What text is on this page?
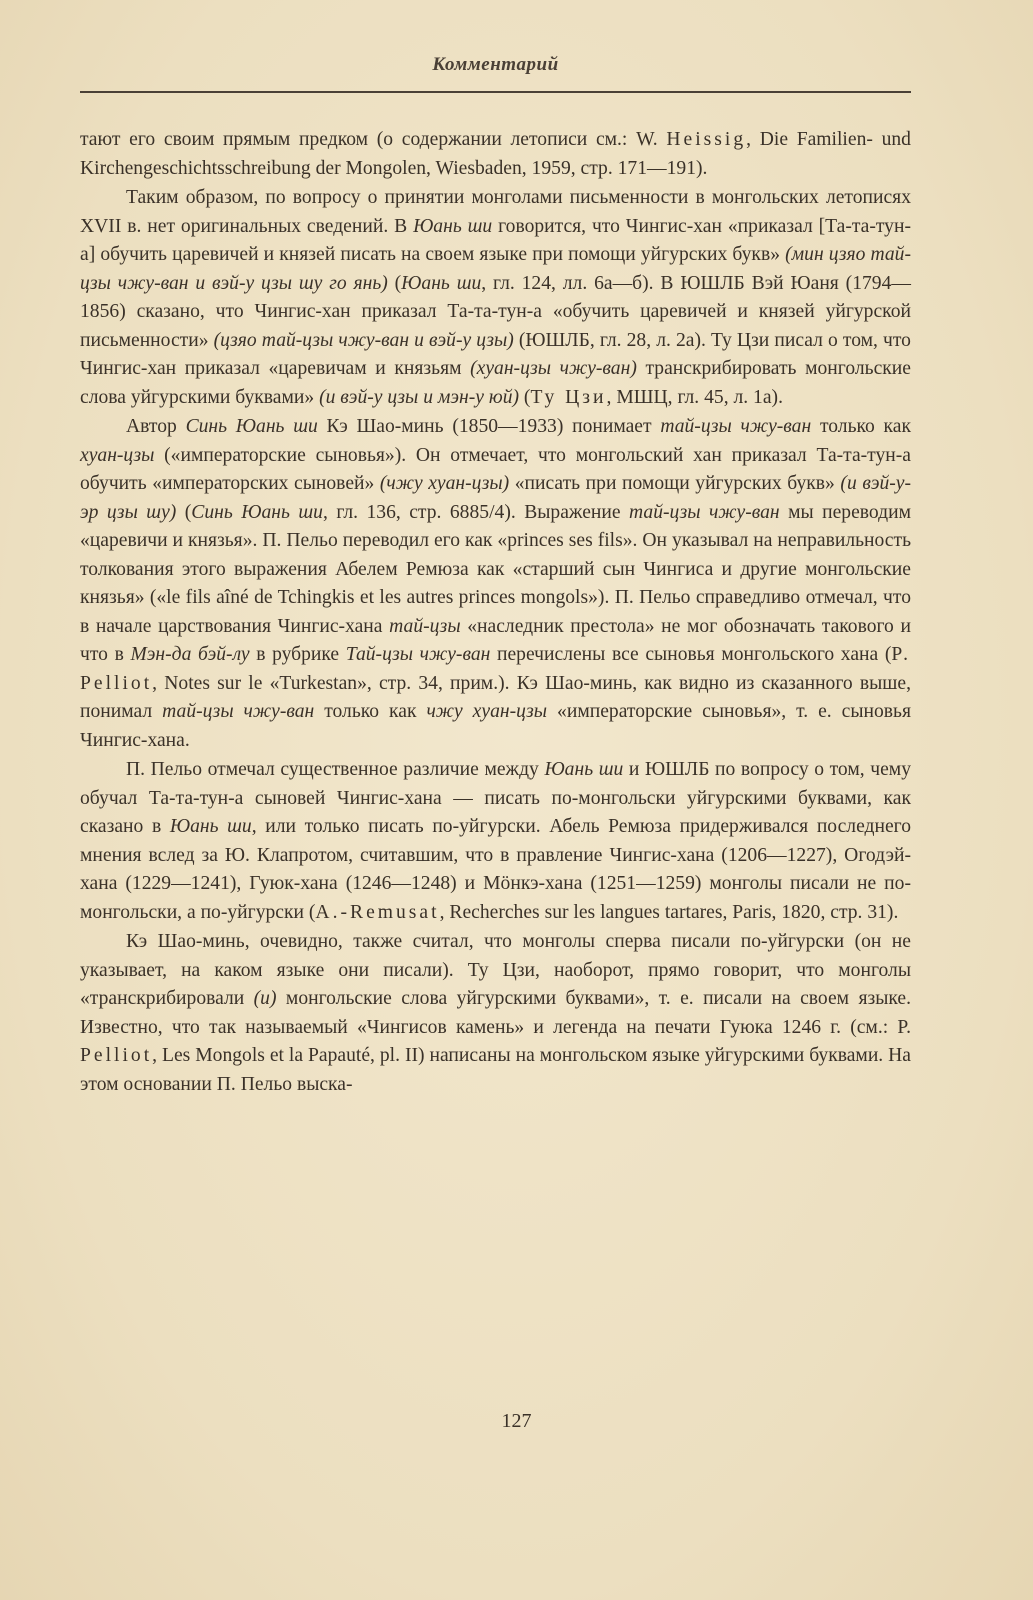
Комментарий

тают его своим прямым предком (о содержании летописи см.: W. Heissig, Die Familien- und Kirchengeschichtsschreibung der Mongolen, Wiesbaden, 1959, стр. 171—191).

Таким образом, по вопросу о принятии монголами письменности в монгольских летописях XVII в. нет оригинальных сведений. В Юань ши говорится, что Чингис-хан «приказал [Та-та-тун-а] обучить царевичей и князей писать на своем языке при помощи уйгурских букв» (мин цзяо тай-цзы чжу-ван и вэй-у цзы шу го янь) (Юань ши, гл. 124, лл. 6а—б). В ЮШЛБ Вэй Юаня (1794—1856) сказано, что Чингис-хан приказал Та-та-тун-а «обучить царевичей и князей уйгурской письменности» (цзяо тай-цзы чжу-ван и вэй-у цзы) (ЮШЛБ, гл. 28, л. 2а). Ту Цзи писал о том, что Чингис-хан приказал «царевичам и князьям (хуан-цзы чжу-ван) транскрибировать монгольские слова уйгурскими буквами» (и вэй-у цзы и мэн-у юй) (Ту Цзи, МШЦ, гл. 45, л. 1а).

Автор Синь Юань ши Кэ Шао-минь (1850—1933) понимает тай-цзы чжу-ван только как хуан-цзы («императорские сыновья»). Он отмечает, что монгольский хан приказал Та-та-тун-а обучить «императорских сыновей» (чжу хуан-цзы) «писать при помощи уйгурских букв» (и вэй-у-эр цзы шу) (Синь Юань ши, гл. 136, стр. 6885/4). Выражение тай-цзы чжу-ван мы переводим «царевичи и князья». П. Пельо переводил его как «princes ses fils». Он указывал на неправильность толкования этого выражения Абелем Ремюза как «старший сын Чингиса и другие монгольские князья» («le fils aîné de Tchingkis et les autres princes mongols»). П. Пельо справедливо отмечал, что в начале царствования Чингис-хана тай-цзы «наследник престола» не мог обозначать такового и что в Мэн-да бэй-лу в рубрике Тай-цзы чжу-ван перечислены все сыновья монгольского хана (P. Pelliot, Notes sur le «Turkestan», стр. 34, прим.). Кэ Шао-минь, как видно из сказанного выше, понимал тай-цзы чжу-ван только как чжу хуан-цзы «императорские сыновья», т. е. сыновья Чингис-хана.

П. Пельо отмечал существенное различие между Юань ши и ЮШЛБ по вопросу о том, чему обучал Та-та-тун-а сыновей Чингис-хана — писать по-монгольски уйгурскими буквами, как сказано в Юань ши, или только писать по-уйгурски. Абель Ремюза придерживался последнего мнения вслед за Ю. Клапротом, считавшим, что в правление Чингис-хана (1206—1227), Огодэй-хана (1229—1241), Гуюк-хана (1246—1248) и Мöнкэ-хана (1251—1259) монголы писали не по-монгольски, а по-уйгурски (A.-Remusat, Recherches sur les langues tartares, Paris, 1820, стр. 31).

Кэ Шао-минь, очевидно, также считал, что монголы сперва писали по-уйгурски (он не указывает, на каком языке они писали). Ту Цзи, наоборот, прямо говорит, что монголы «транскрибировали (и) монгольские слова уйгурскими буквами», т. е. писали на своем языке. Известно, что так называемый «Чингисов камень» и легенда на печати Гуюка 1246 г. (см.: P. Pelliot, Les Mongols et la Papauté, pl. II) написаны на монгольском языке уйгурскими буквами. На этом основании П. Пельо выска-

127
